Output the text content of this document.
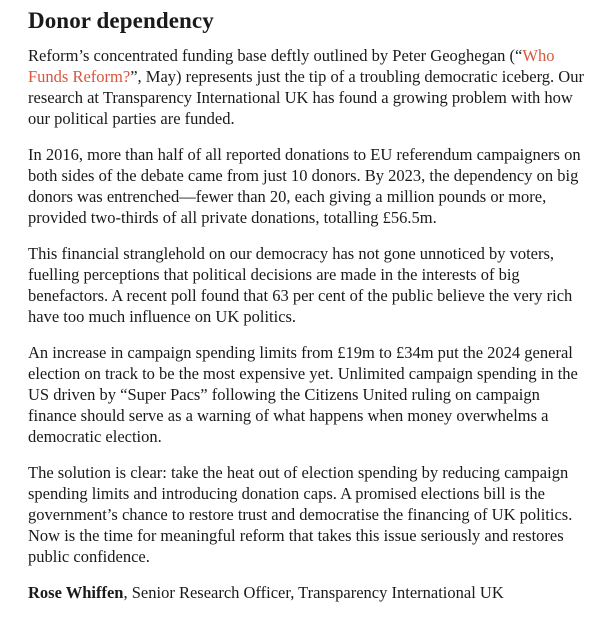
Donor dependency

Reform’s concentrated funding base deftly outlined by Peter Geoghegan (“Who Funds Reform?”, May) represents just the tip of a troubling democratic iceberg. Our research at Transparency International UK has found a growing problem with how our political parties are funded.

In 2016, more than half of all reported donations to EU referendum campaigners on both sides of the debate came from just 10 donors. By 2023, the dependency on big donors was entrenched—fewer than 20, each giving a million pounds or more, provided two-thirds of all private donations, totalling £56.5m.

This financial stranglehold on our democracy has not gone unnoticed by voters, fuelling perceptions that political decisions are made in the interests of big benefactors. A recent poll found that 63 per cent of the public believe the very rich have too much influence on UK politics.

An increase in campaign spending limits from £19m to £34m put the 2024 general election on track to be the most expensive yet. Unlimited campaign spending in the US driven by “Super Pacs” following the Citizens United ruling on campaign finance should serve as a warning of what happens when money overwhelms a democratic election.

The solution is clear: take the heat out of election spending by reducing campaign spending limits and introducing donation caps. A promised elections bill is the government’s chance to restore trust and democratise the financing of UK politics. Now is the time for meaningful reform that takes this issue seriously and restores public confidence.

Rose Whiffen, Senior Research Officer, Transparency International UK
